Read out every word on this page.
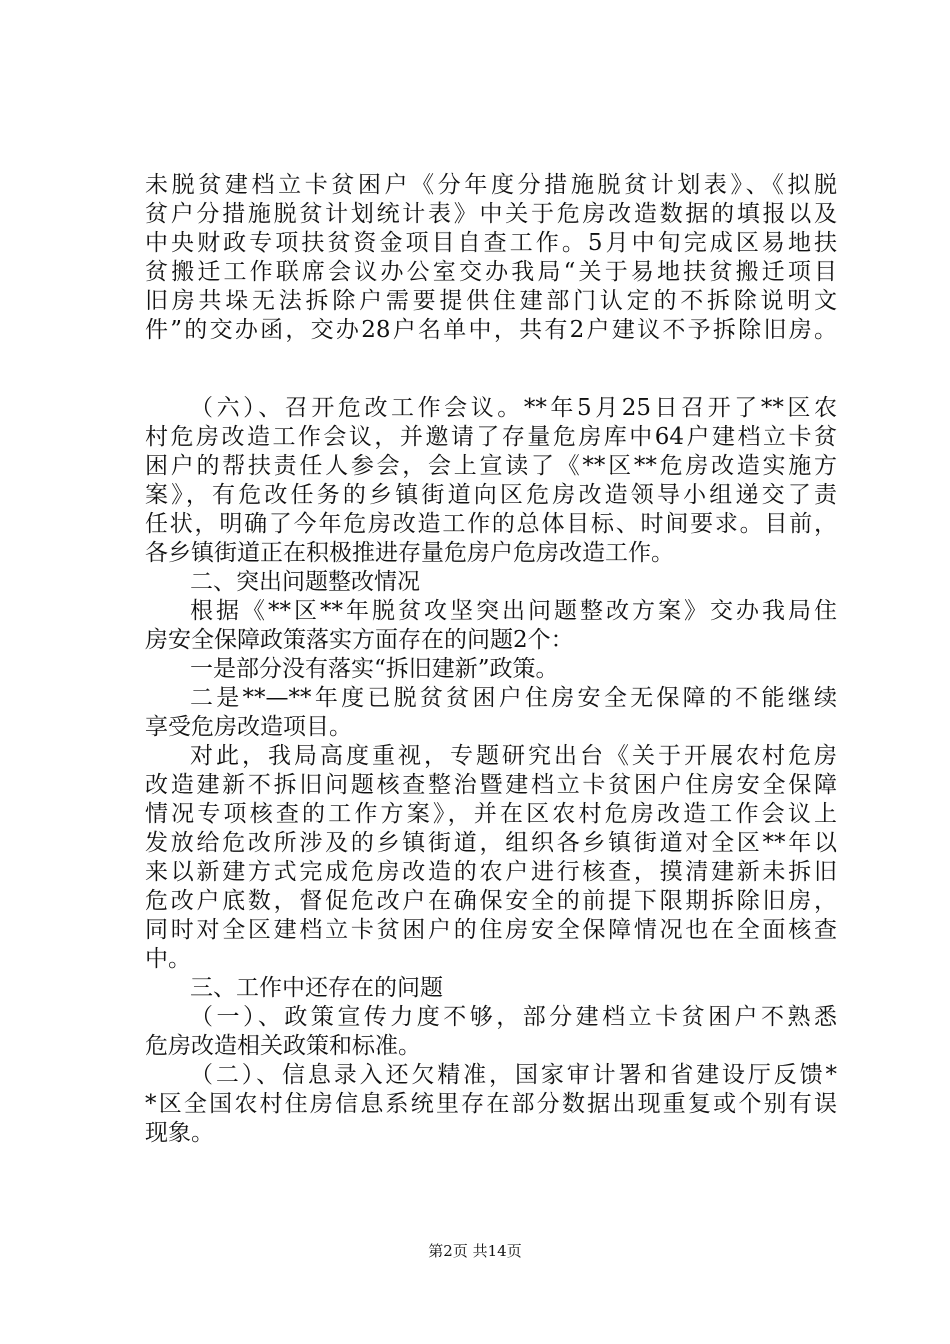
未脱贫建档立卡贫困户《分年度分措施脱贫计划表》、《拟脱
贫户分措施脱贫计划统计表》中关于危房改造数据的填报以及
中央财政专项扶贫资金项目自查工作。5月中旬完成区易地扶
贫搬迁工作联席会议办公室交办我局“关于易地扶贫搬迁项目
旧房共垛无法拆除户需要提供住建部门认定的不拆除说明文
件”的交办函，交办28户名单中，共有2户建议不予拆除旧房。
（六）、召开危改工作会议。**年5月25日召开了**区农
村危房改造工作会议，并邀请了存量危房库中64户建档立卡贫
困户的帮扶责任人参会，会上宣读了《**区**危房改造实施方
案》，有危改任务的乡镇街道向区危房改造领导小组递交了责
任状，明确了今年危房改造工作的总体目标、时间要求。目前，
各乡镇街道正在积极推进存量危房户危房改造工作。
二、突出问题整改情况
根据《**区**年脱贫攻坚突出问题整改方案》交办我局住
房安全保障政策落实方面存在的问题2个：
一是部分没有落实“拆旧建新”政策。
二是**—**年度已脱贫贫困户住房安全无保障的不能继续
享受危房改造项目。
对此，我局高度重视，专题研究出台《关于开展农村危房
改造建新不拆旧问题核查整治暨建档立卡贫困户住房安全保障
情况专项核查的工作方案》，并在区农村危房改造工作会议上
发放给危改所涉及的乡镇街道，组织各乡镇街道对全区**年以
来以新建方式完成危房改造的农户进行核查，摸清建新未拆旧
危改户底数，督促危改户在确保安全的前提下限期拆除旧房，
同时对全区建档立卡贫困户的住房安全保障情况也在全面核查
中。
三、工作中还存在的问题
（一）、政策宣传力度不够，部分建档立卡贫困户不熟悉
危房改造相关政策和标准。
（二）、信息录入还欠精准，国家审计署和省建设厅反馈*
*区全国农村住房信息系统里存在部分数据出现重复或个别有误
现象。
第2页 共14页
